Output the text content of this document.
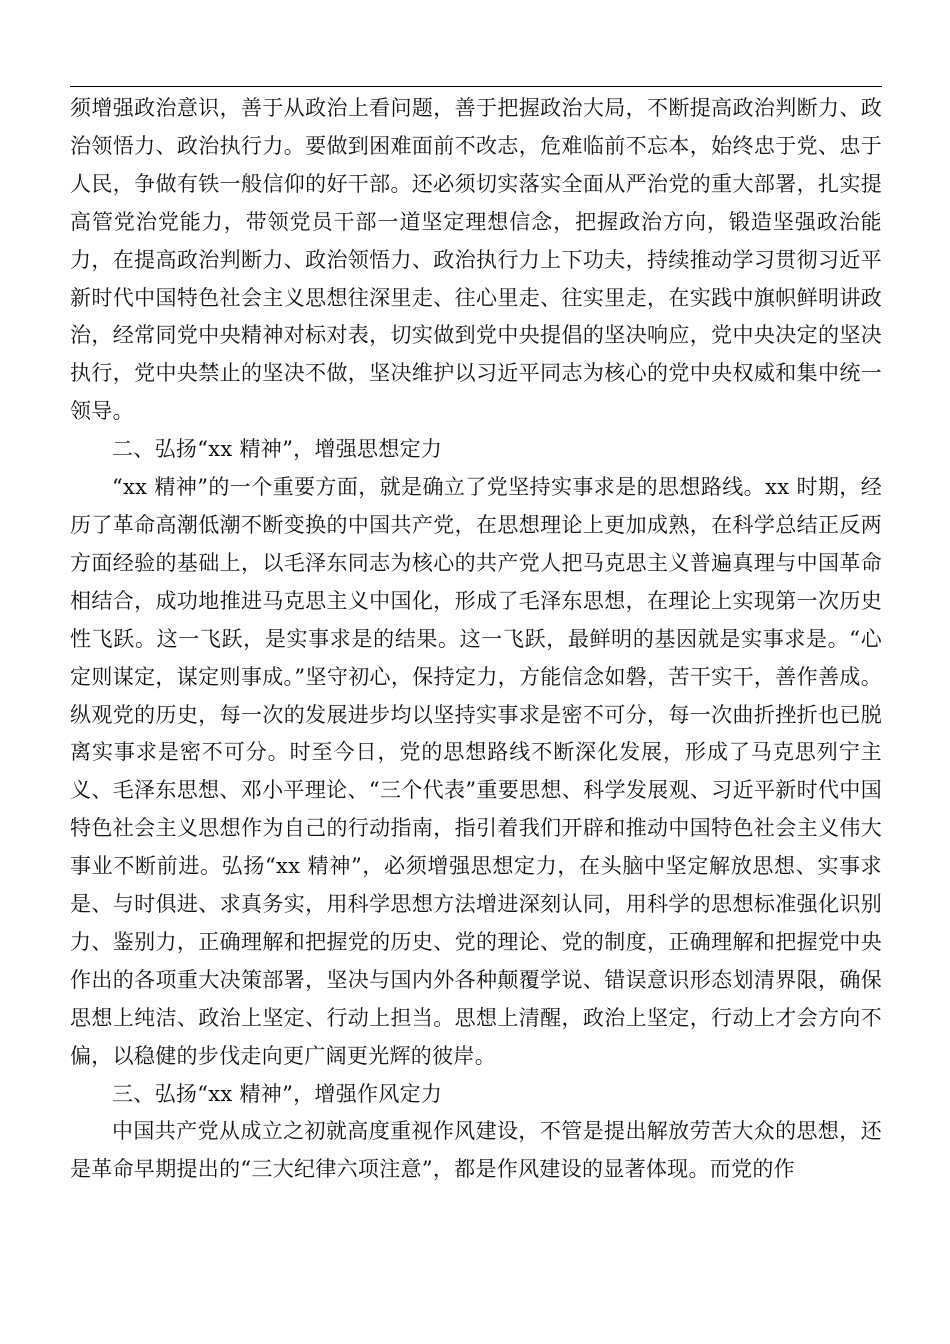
须增强政治意识，善于从政治上看问题，善于把握政治大局，不断提高政治判断力、政治领悟力、政治执行力。要做到困难面前不改志，危难临前不忘本，始终忠于党、忠于人民，争做有铁一般信仰的好干部。还必须切实落实全面从严治党的重大部署，扎实提高管党治党能力，带领党员干部一道坚定理想信念，把握政治方向，锻造坚强政治能力，在提高政治判断力、政治领悟力、政治执行力上下功夫，持续推动学习贯彻习近平新时代中国特色社会主义思想往深里走、往心里走、往实里走，在实践中旗帜鲜明讲政治，经常同党中央精神对标对表，切实做到党中央提倡的坚决响应，党中央决定的坚决执行，党中央禁止的坚决不做，坚决维护以习近平同志为核心的党中央权威和集中统一领导。

二、弘扬“xx 精神”，增强思想定力

“xx 精神”的一个重要方面，就是确立了党坚持实事求是的思想路线。xx 时期，经历了革命高潮低潮不断变换的中国共产党，在思想理论上更加成熟，在科学总结正反两方面经验的基础上，以毛泽东同志为核心的共产党人把马克思主义普遍真理与中国革命相结合，成功地推进马克思主义中国化，形成了毛泽东思想，在理论上实现第一次历史性飞跃。这一飞跃，是实事求是的结果。这一飞跃，最鲜明的基因就是实事求是。“心定则谋定，谋定则事成。”坚守初心，保持定力，方能信念如磐，苦干实干，善作善成。纵观党的历史，每一次的发展进步均以坚持实事求是密不可分，每一次曲折挫折也已脱离实事求是密不可分。时至今日，党的思想路线不断深化发展，形成了马克思列宁主义、毛泽东思想、邓小平理论、“三个代表”重要思想、科学发展观、习近平新时代中国特色社会主义思想作为自己的行动指南，指引着我们开辟和推动中国特色社会主义伟大事业不断前进。弘扬“xx 精神”，必须增强思想定力，在头脑中坚定解放思想、实事求是、与时俱进、求真务实，用科学思想方法增进深刻认同，用科学的思想标准强化识别力、鉴别力，正确理解和把握党的历史、党的理论、党的制度，正确理解和把握党中央作出的各项重大决策部署，坚决与国内外各种颠覆学说、错误意识形态划清界限，确保思想上纯洁、政治上坚定、行动上担当。思想上清醒，政治上坚定，行动上才会方向不偏，以稳健的步伐走向更广阔更光辉的彼岸。

三、弘扬“xx 精神”，增强作风定力

中国共产党从成立之初就高度重视作风建设，不管是提出解放劳苦大众的思想，还是革命早期提出的“三大纪律六项注意”，都是作风建设的显著体现。而党的作
